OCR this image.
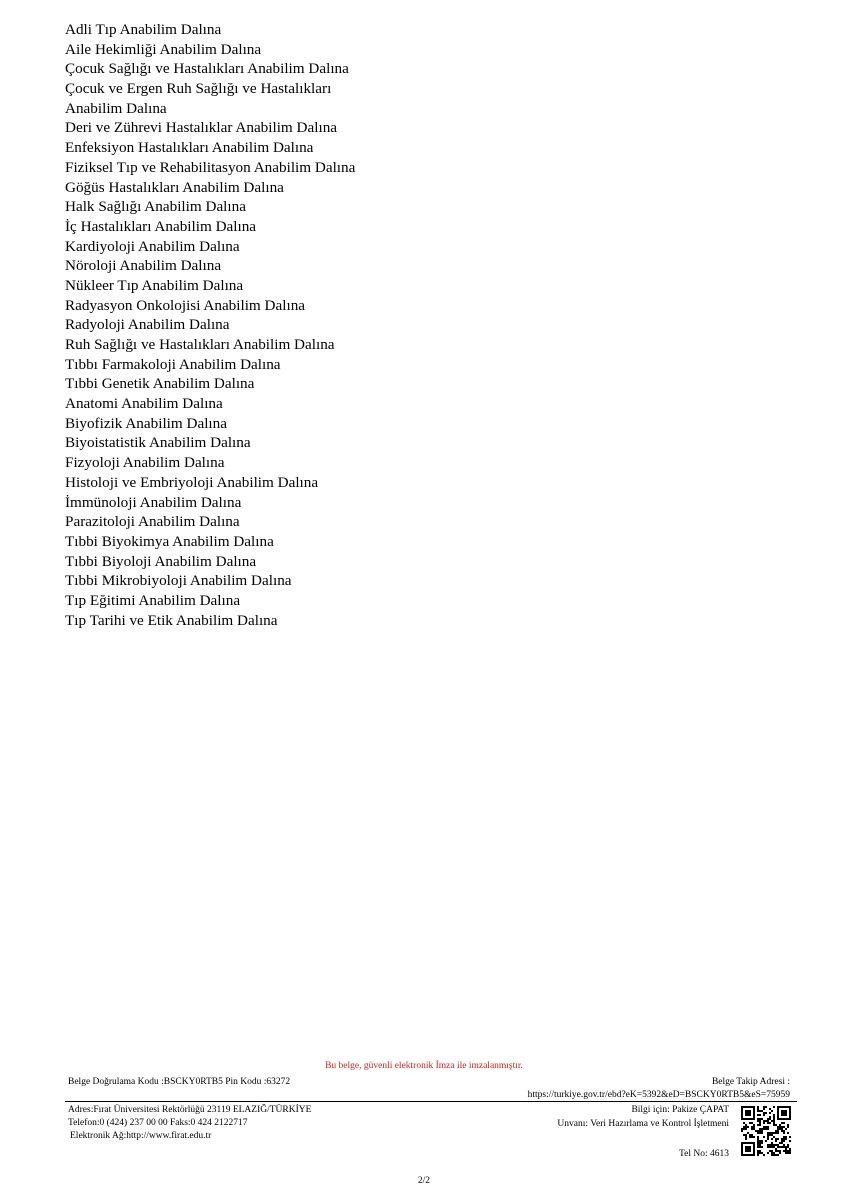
Adli Tıp Anabilim Dalına
Aile Hekimliği Anabilim Dalına
Çocuk Sağlığı ve Hastalıkları Anabilim Dalına
Çocuk ve Ergen Ruh Sağlığı ve Hastalıkları
Anabilim Dalına
Deri ve Zührevi Hastalıklar Anabilim Dalına
Enfeksiyon Hastalıkları Anabilim Dalına
Fiziksel Tıp ve Rehabilitasyon Anabilim Dalına
Göğüs Hastalıkları Anabilim Dalına
Halk Sağlığı Anabilim Dalına
İç Hastalıkları Anabilim Dalına
Kardiyoloji Anabilim Dalına
Nöroloji Anabilim Dalına
Nükleer Tıp Anabilim Dalına
Radyasyon Onkolojisi Anabilim Dalına
Radyoloji Anabilim Dalına
Ruh Sağlığı ve Hastalıkları Anabilim Dalına
Tıbbı Farmakoloji Anabilim Dalına
Tıbbi Genetik Anabilim Dalına
Anatomi Anabilim Dalına
Biyofizik Anabilim Dalına
Biyoistatistik Anabilim Dalına
Fizyoloji Anabilim Dalına
Histoloji ve Embriyoloji Anabilim Dalına
İmmünoloji Anabilim Dalına
Parazitoloji Anabilim Dalına
Tıbbi Biyokimya Anabilim Dalına
Tıbbi Biyoloji Anabilim Dalına
Tıbbi Mikrobiyoloji Anabilim Dalına
Tıp Eğitimi Anabilim Dalına
Tıp Tarihi ve Etik Anabilim Dalına
Bu belge, güvenli elektronik İmza ile imzalanmıştır.
Belge Doğrulama Kodu :BSCKY0RTB5 Pin Kodu :63272	Belge Takip Adresi :
https://turkiye.gov.tr/ebd?eK=5392&eD=BSCKY0RTB5&eS=75959
Adres:Fırat Üniversitesi Rektörlüğü 23119 ELAZIĞ/TÜRKİYE
Telefon:0 (424) 237 00 00 Faks:0 424 2122717
Elektronik Ağ:http://www.firat.edu.tr
Bilgi için: Pakize ÇAPAT
Unvanı: Veri Hazırlama ve Kontrol İşletmeni
Tel No: 4613
2/2
